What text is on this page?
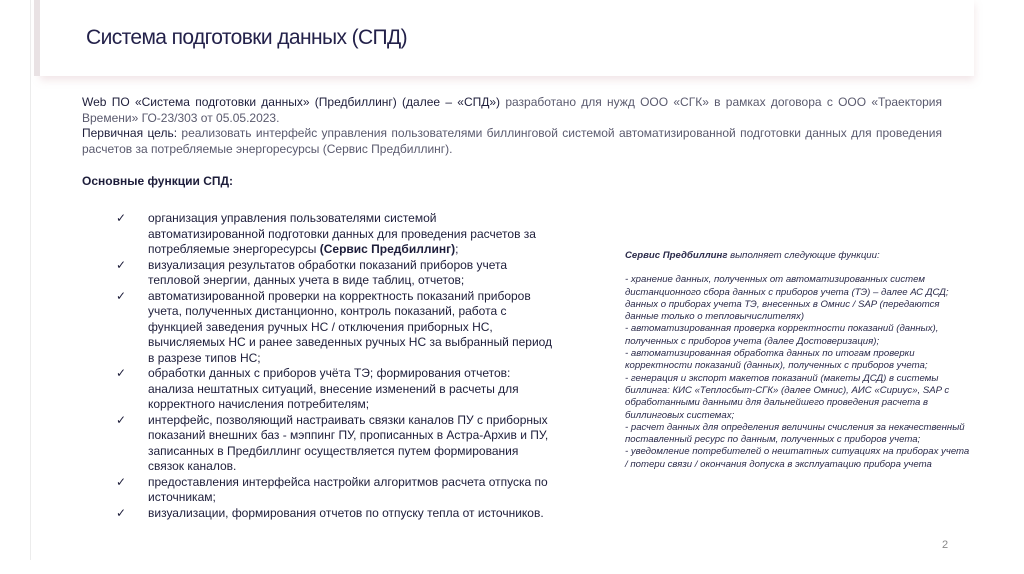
Система подготовки данных (СПД)
Web ПО «Система подготовки данных» (Предбиллинг) (далее – «СПД») разработано для нужд ООО «СГК» в рамках договора с ООО «Траектория Времени» ГО-23/303 от 05.05.2023.
Первичная цель: реализовать интерфейс управления пользователями биллинговой системой автоматизированной подготовки данных для проведения расчетов за потребляемые энергоресурсы (Сервис Предбиллинг).
Основные функции СПД:
✓ организация управления пользователями системой автоматизированной подготовки данных для проведения расчетов за потребляемые энергоресурсы (Сервис Предбиллинг);
✓ визуализация результатов обработки показаний приборов учета тепловой энергии, данных учета в виде таблиц, отчетов;
✓ автоматизированной проверки на корректность показаний приборов учета, полученных дистанционно, контроль показаний, работа с функцией заведения ручных НС / отключения приборных НС, вычисляемых НС и ранее заведенных ручных НС за выбранный период в разрезе типов НС;
✓ обработки данных с приборов учёта ТЭ; формирования отчетов: анализа нештатных ситуаций, внесение изменений в расчеты для корректного начисления потребителям;
✓ интерфейс, позволяющий настраивать связки каналов ПУ с приборных показаний внешних баз - мэппинг ПУ, прописанных в Астра-Архив и ПУ, записанных в Предбиллинг осуществляется путем формирования связок каналов.
✓ предоставления интерфейса настройки алгоритмов расчета отпуска по источникам;
✓ визуализации, формирования отчетов по отпуску тепла от источников.

Сервис Предбиллинг выполняет следующие функции:

- хранение данных, полученных от автоматизированных систем дистанционного сбора данных с приборов учета (ТЭ) – далее АС ДСД; данных о приборах учета ТЭ, внесенных в Омнис / SAP (передаются данные только о тепловычислителях)

- автоматизированная проверка корректности показаний (данных), полученных с приборов учета (далее Достоверизация);

- автоматизированная обработка данных по итогам проверки корректности показаний (данных), полученных с приборов учета;

- генерация и экспорт макетов показаний (макеты ДСД) в системы биллинга: КИС «Теплосбыт-СГК» (далее Омнис), АИС «Сириус», SAP с обработанными данными для дальнейшего проведения расчета в биллинговых системах;

- расчет данных для определения величины счисления за некачественный поставленный ресурс по данным, полученных с приборов учета;

- уведомление потребителей о нештатных ситуациях на приборах учета / потери связи / окончания допуска в эксплуатацию прибора учета

2
